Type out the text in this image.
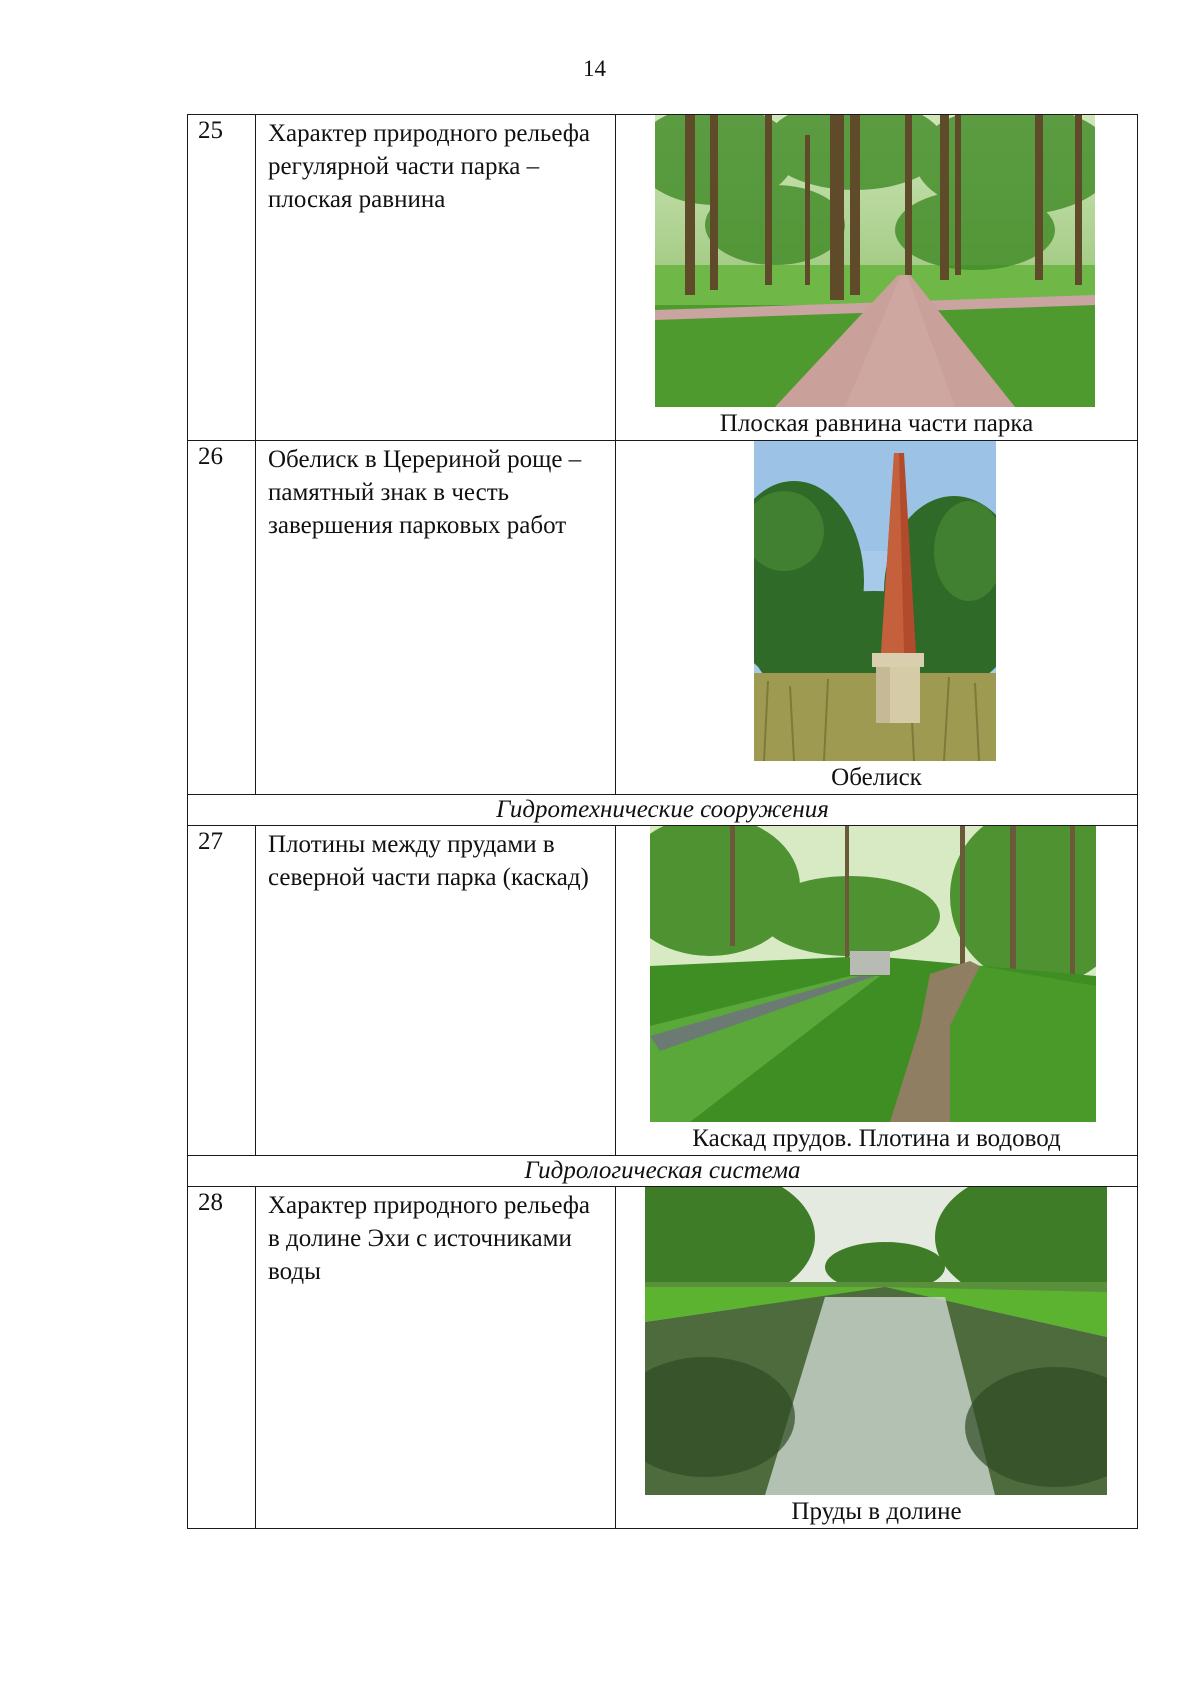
14
25	Характер природного рельефа регулярной части парка – плоская равнина	Плоская равнина части парка

26	Обелиск в Церериной роще – памятный знак в честь завершения парковых работ	Обелиск

Гидротехнические сооружения		
27	Плотины между прудами в северной части парка (каскад)	Каскад прудов. Плотина и водовод

Гидрологическая система		
28	Характер природного рельефа в долине Эхи с источниками воды	Пруды в долине
